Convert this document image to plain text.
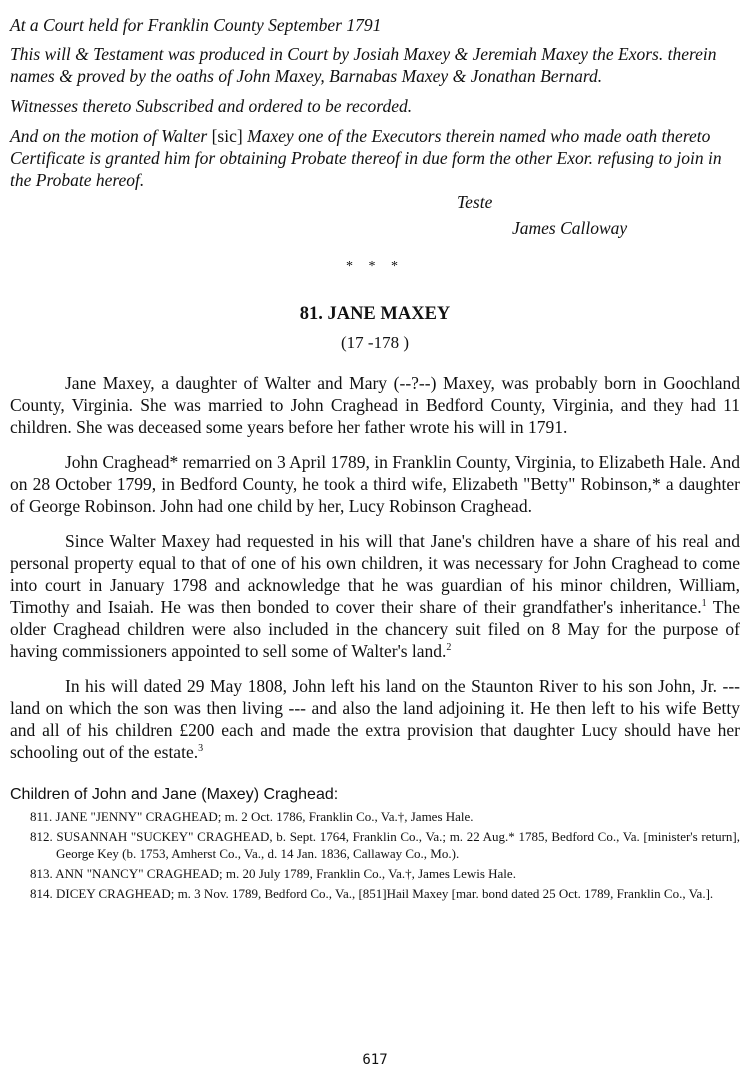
At a Court held for Franklin County September 1791

This will & Testament was produced in Court by Josiah Maxey & Jeremiah Maxey the Exors. therein names & proved by the oaths of John Maxey, Barnabas Maxey & Jonathan Bernard.

Witnesses thereto Subscribed and ordered to be recorded.

And on the motion of Walter [sic] Maxey one of the Executors therein named who made oath thereto Certificate is granted him for obtaining Probate thereof in due form the other Exor. refusing to join in the Probate hereof.

Teste

James Calloway

* * *
81. JANE MAXEY
(17 -178 )

Jane Maxey, a daughter of Walter and Mary (--?--) Maxey, was probably born in Goochland County, Virginia. She was married to John Craghead in Bedford County, Virginia, and they had 11 children. She was deceased some years before her father wrote his will in 1791.

John Craghead* remarried on 3 April 1789, in Franklin County, Virginia, to Elizabeth Hale. And on 28 October 1799, in Bedford County, he took a third wife, Elizabeth "Betty" Robinson,* a daughter of George Robinson. John had one child by her, Lucy Robinson Craghead.

Since Walter Maxey had requested in his will that Jane's children have a share of his real and personal property equal to that of one of his own children, it was necessary for John Craghead to come into court in January 1798 and acknowledge that he was guardian of his minor children, William, Timothy and Isaiah. He was then bonded to cover their share of their grandfather's inheritance.$^1$ The older Craghead children were also included in the chancery suit filed on 8 May for the purpose of having commissioners appointed to sell some of Walter's land.$^2$

In his will dated 29 May 1808, John left his land on the Staunton River to his son John, Jr. --- land on which the son was then living --- and also the land adjoining it. He then left to his wife Betty and all of his children £200 each and made the extra provision that daughter Lucy should have her schooling out of the estate.$^3$

Children of John and Jane (Maxey) Craghead:

811. JANE "JENNY" CRAGHEAD; m. 2 Oct. 1786, Franklin Co., Va.†, James Hale.
812. SUSANNAH "SUCKEY" CRAGHEAD, b. Sept. 1764, Franklin Co., Va.; m. 22 Aug.* 1785, Bedford Co., Va. [minister's return], George Key (b. 1753, Amherst Co., Va., d. 14 Jan. 1836, Callaway Co., Mo.).
813. ANN "NANCY" CRAGHEAD; m. 20 July 1789, Franklin Co., Va.†, James Lewis Hale.
814. DICEY CRAGHEAD; m. 3 Nov. 1789, Bedford Co., Va., [851]Hail Maxey [mar. bond dated 25 Oct. 1789, Franklin Co., Va.].
617
